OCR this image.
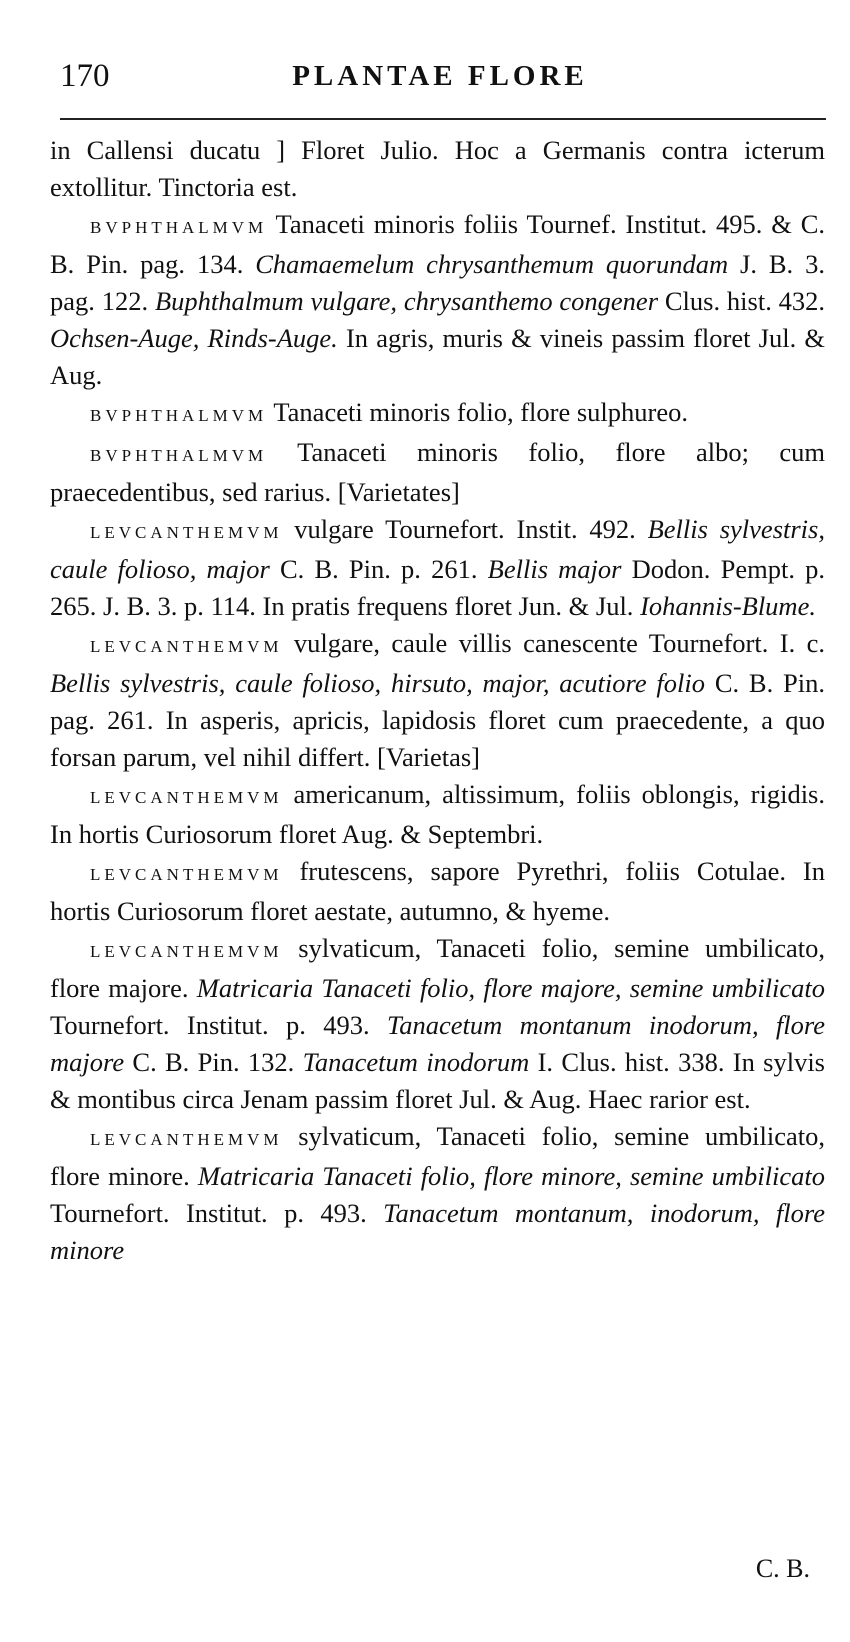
170	PLANTAE FLORE

in Callensi ducatu ] Floret Julio. Hoc a Germanis contra icterum extollitur. Tinctoria est.

BVPHTHALMVM Tanaceti minoris foliis Tournef. Institut. 495. & C. B. Pin. pag. 134. Chamaemelum chrysanthemum quorundam J. B. 3. pag. 122. Buphthalmum vulgare, chrysanthemo congener Clus. hist. 432. Ochsen-Auge, Rinds-Auge. In agris, muris & vineis passim floret Jul. & Aug.

BVPHTHALMVM Tanaceti minoris folio, flore sulphureo.

BVPHTHALMVM Tanaceti minoris folio, flore albo; cum praecedentibus, sed rarius. [Varietates]

LEVCANTHEMVM vulgare Tournefort. Instit. 492. Bellis sylvestris, caule folioso, major C. B. Pin. p. 261. Bellis major Dodon. Pempt. p. 265. J. B. 3. p. 114. In pratis frequens floret Jun. & Jul. Iohannis-Blume.

LEVCANTHEMVM vulgare, caule villis canescente Tournefort. I. c. Bellis sylvestris, caule folioso, hirsuto, major, acutiore folio C. B. Pin. pag. 261. In asperis, apricis, lapidosis floret cum praecedente, a quo forsan parum, vel nihil differt. [Varietas]

LEVCANTHEMVM americanum, altissimum, foliis oblongis, rigidis. In hortis Curiosorum floret Aug. & Septembri.

LEVCANTHEMVM frutescens, sapore Pyrethri, foliis Cotulae. In hortis Curiosorum floret aestate, autumno, & hyeme.

LEVCANTHEMVM sylvaticum, Tanaceti folio, semine umbilicato, flore majore. Matricaria Tanaceti folio, flore majore, semine umbilicato Tournefort. Institut. p. 493. Tanacetum montanum inodorum, flore majore C. B. Pin. 132. Tanacetum inodorum I. Clus. hist. 338. In sylvis & montibus circa Jenam passim floret Jul. & Aug. Haec rarior est.

LEVCANTHEMVM sylvaticum, Tanaceti folio, semine umbilicato, flore minore. Matricaria Tanaceti folio, flore minore, semine umbilicato Tournefort. Institut. p. 493. Tanacetum montanum, inodorum, flore minore

C. B.
